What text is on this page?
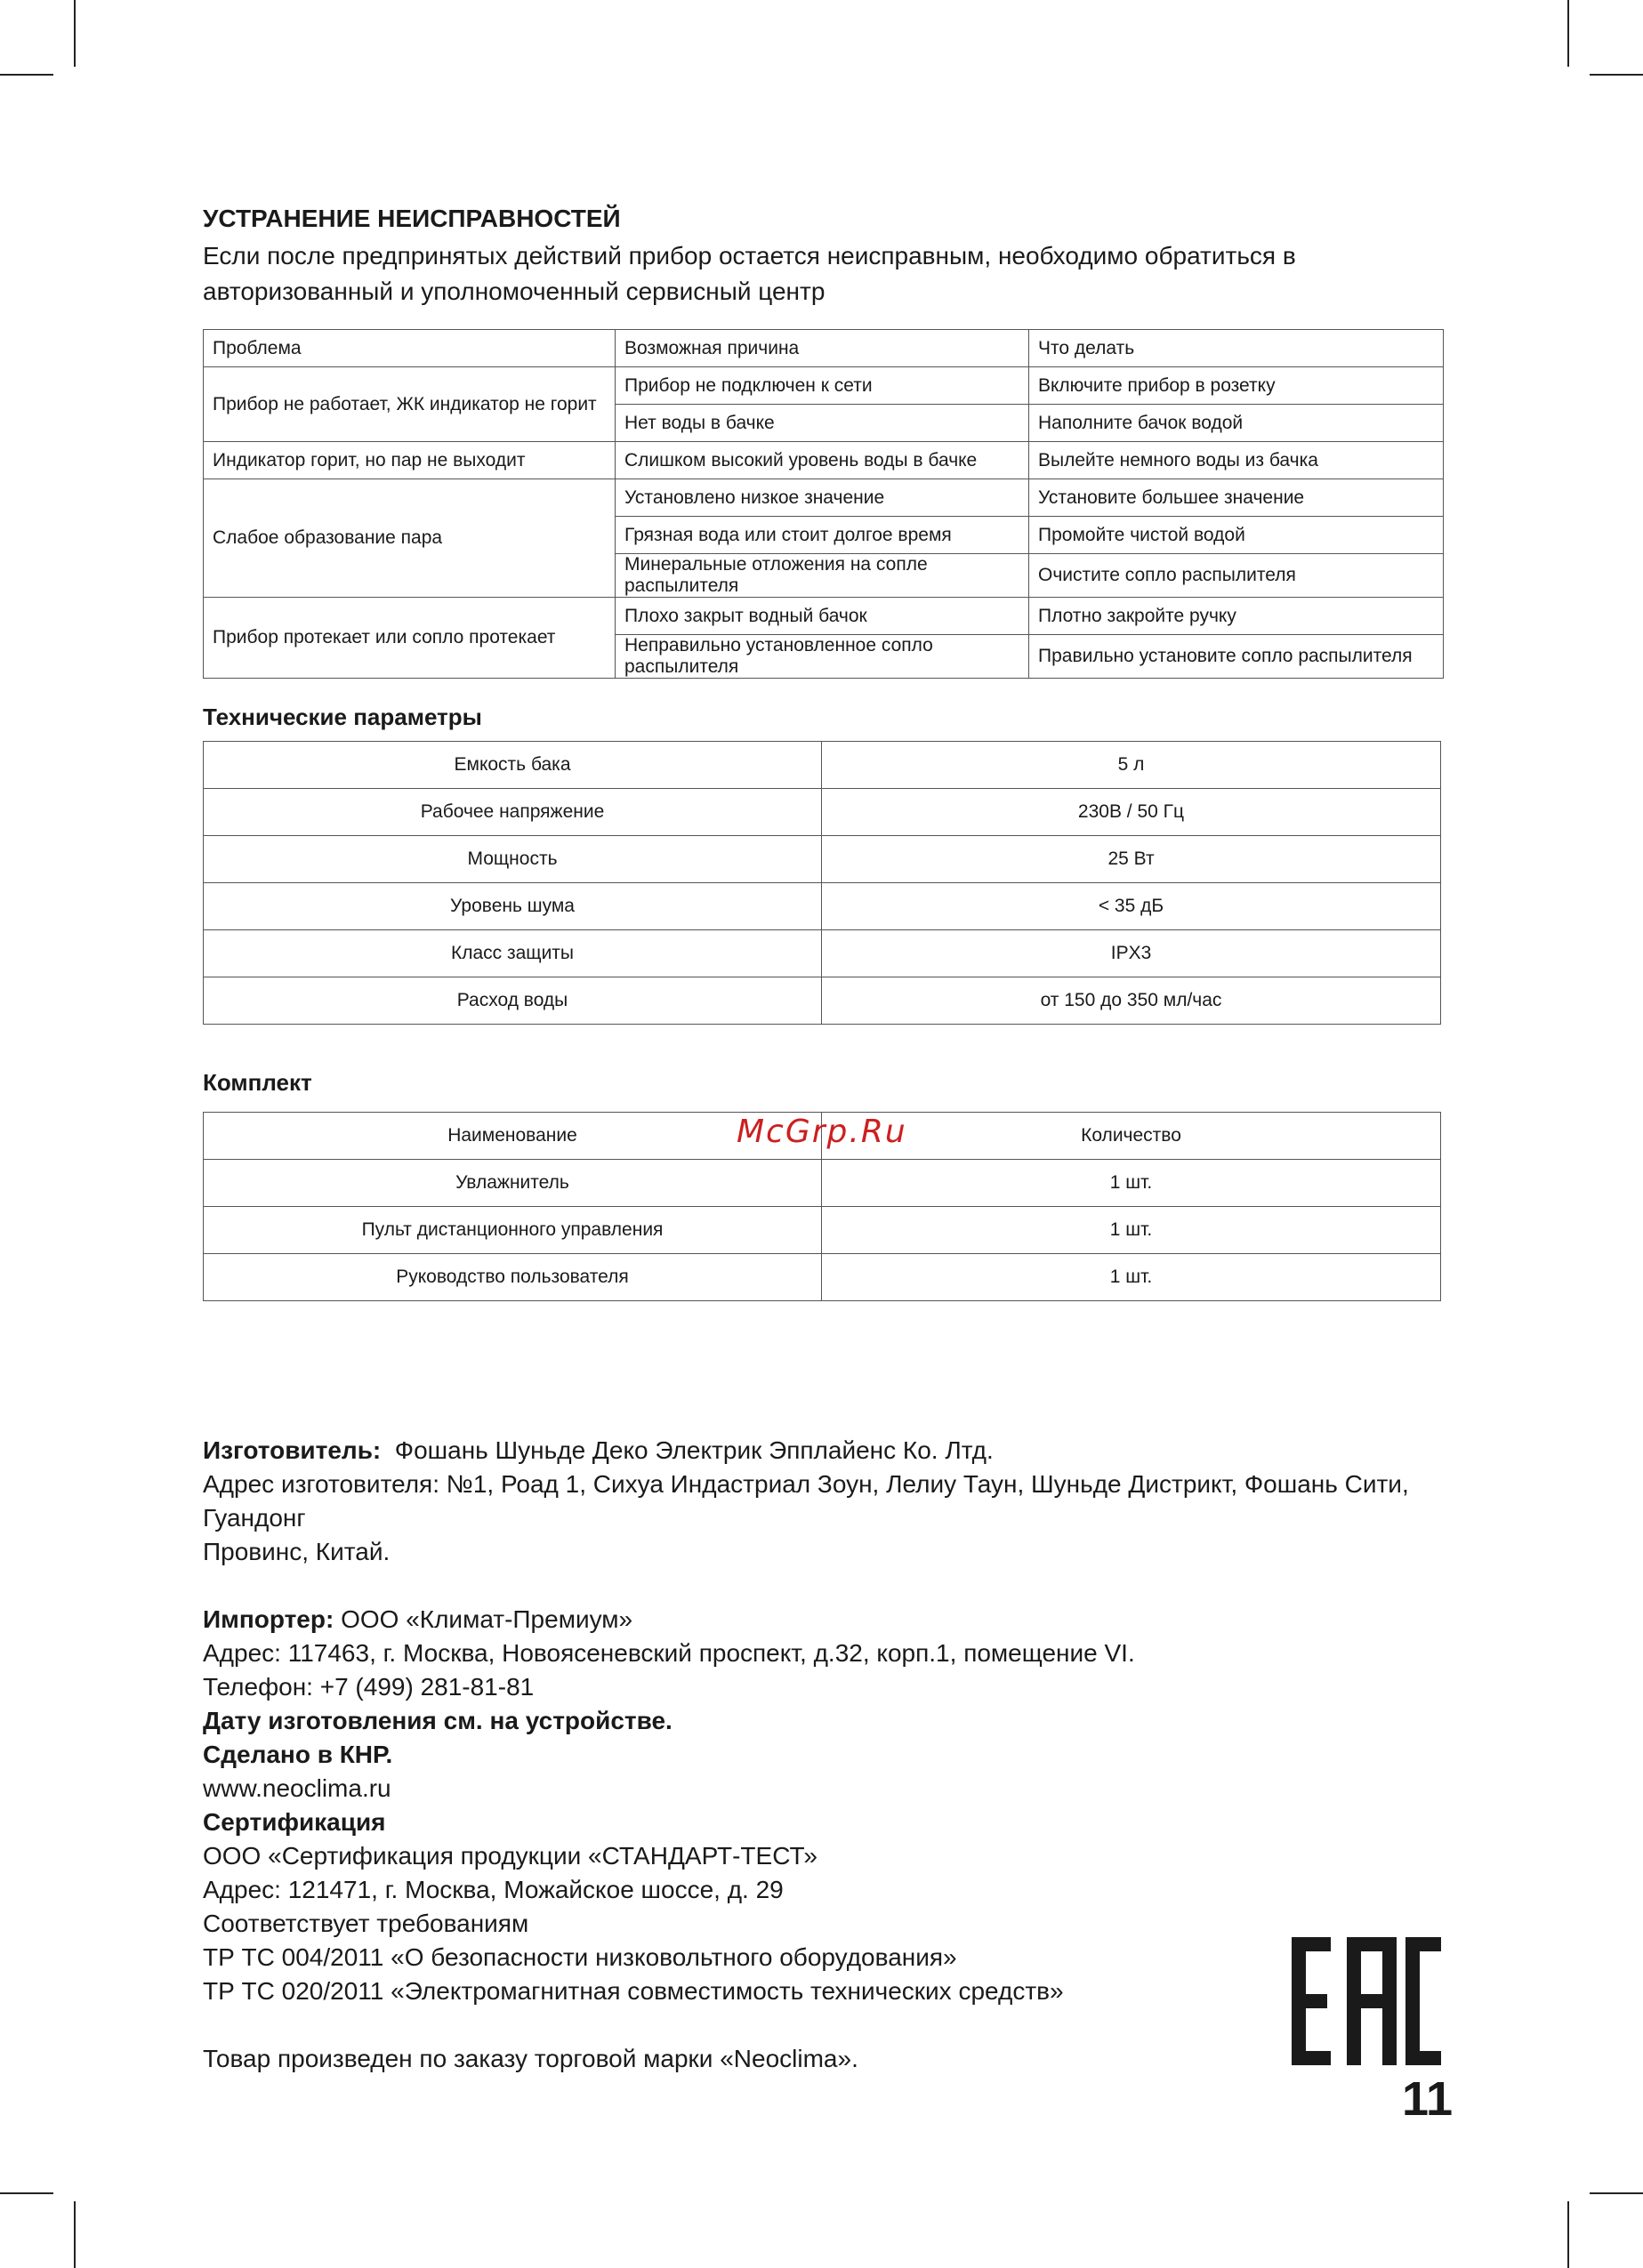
УСТРАНЕНИЕ НЕИСПРАВНОСТЕЙ

Если после предпринятых действий прибор остается неисправным, необходимо обратиться в авторизованный и уполномоченный сервисный центр

Проблема	Возможная причина	Что делать
Прибор не работает, ЖК индикатор не горит	Прибор не подключен к сети	Включите прибор в розетку
	Нет воды в бачке	Наполните бачок водой
Индикатор горит, но пар не выходит	Слишком высокий уровень воды в бачке	Вылейте немного воды из бачка
Слабое образование пара	Установлено низкое значение	Установите большее значение
	Грязная вода или стоит долгое время	Промойте чистой водой
	Минеральные отложения на сопле распылителя	Очистите сопло распылителя
Прибор протекает или сопло протекает	Плохо закрыт водный бачок	Плотно закройте ручку
	Неправильно установленное сопло распылителя	Правильно установите сопло распылителя
Технические параметры
Емкость бака	5 л
Рабочее напряжение	230В / 50 Гц
Мощность	25 Вт
Уровень шума	< 35 дБ
Класс защиты	IPX3
Расход воды	от 150 до 350 мл/час
Комплект
Наименование	Количество
Увлажнитель	1 шт.
Пульт дистанционного управления	1 шт.
Руководство пользователя	1 шт.
McGrp.Ru

Изготовитель: Фошань Шуньде Деко Электрик Эпплайенс Ко. Лтд.

Адрес изготовителя: №1, Роад 1, Сихуа Индастриал Зоун, Лелиу Таун, Шуньде Дистрикт, Фошань Сити, Гуандонг

Провинс, Китай.

Импортер: ООО «Климат-Премиум»

Адрес: 117463, г. Москва, Новоясеневский проспект, д.32, корп.1, помещение VI.

Телефон: +7 (499) 281-81-81

Дату изготовления см. на устройстве.

Сделано в КНР.

www.neoclima.ru

Сертификация

ООО «Сертификация продукции «СТАНДАРТ-ТЕСТ»

Адрес: 121471, г. Москва, Можайское шоссе, д. 29

Соответствует требованиям

ТР ТС 004/2011 «О безопасности низковольтного оборудования»

ТР ТС 020/2011 «Электромагнитная совместимость технических средств»

Товар произведен по заказу торговой марки «Neoclima».

11
